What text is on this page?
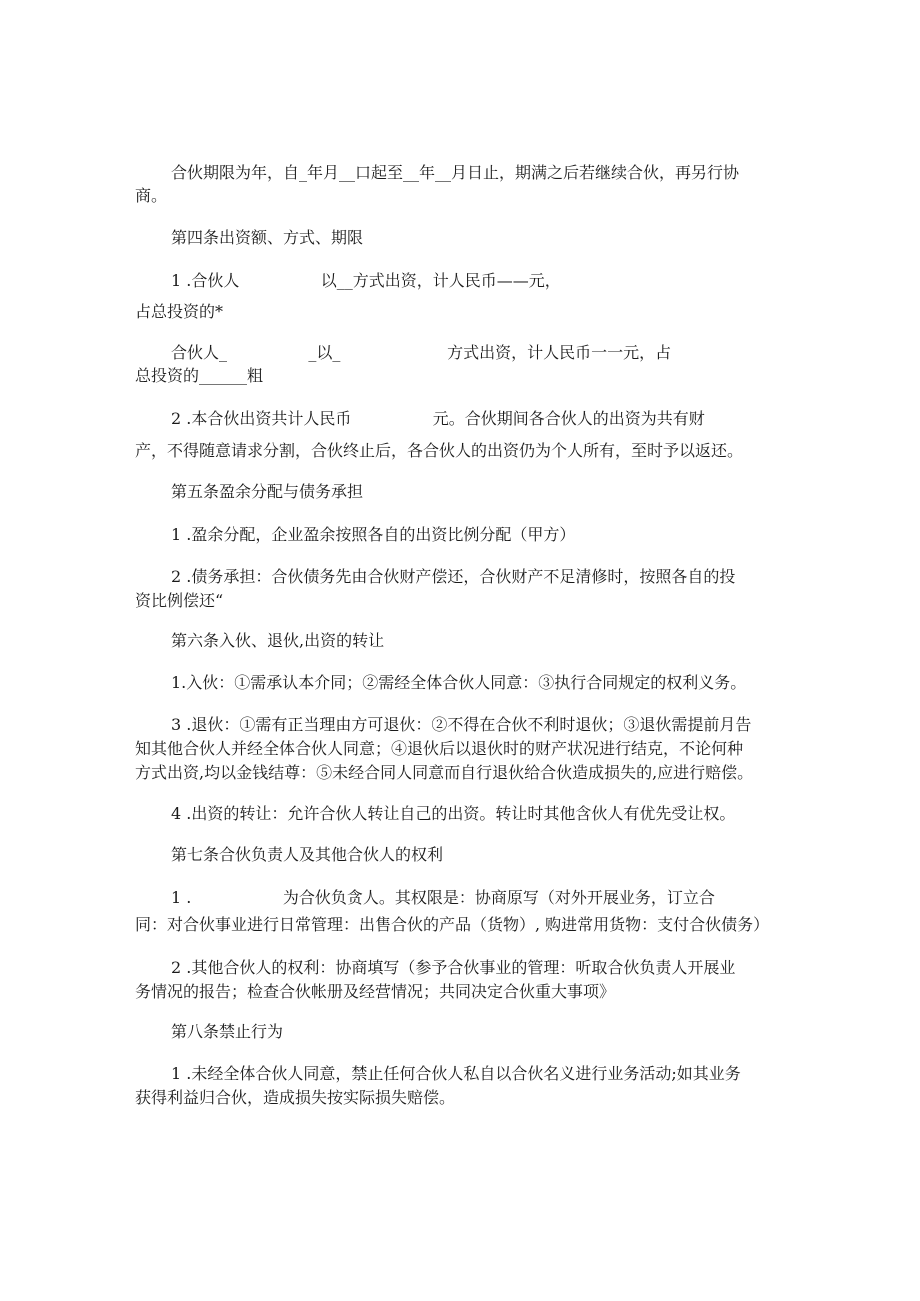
合伙期限为年，自_年月__口起至__年__月日止，期满之后若继续合伙，再另行协

商。

第四条出资额、方式、期限

1 .合伙人                以__方式出资，计人民币——元，

占总投资的*

合伙人_                _以_                     方式出资，计人民币一一元，占

总投资的______粗

2 .本合伙出资共计人民币                元。合伙期间各合伙人的出资为共有财

产，不得随意请求分割，合伙终止后，各合伙人的出资仍为个人所有，至时予以返还。

第五条盈余分配与债务承担

1 .盈余分配，企业盈余按照各自的出资比例分配（甲方）

2 .债务承担：合伙债务先由合伙财产偿还，合伙财产不足清修时，按照各自的投

资比例偿还“

第六条入伙、退伙,出资的转让

1.入伙：①需承认本介同；②需经全体合伙人同意：③执行合同规定的权利义务。

3 .退伙：①需有正当理由方可退伙：②不得在合伙不利时退伙；③退伙需提前月告

知其他合伙人并经全体合伙人同意；④退伙后以退伙时的财产状况进行结克，不论何种

方式出资,均以金钱结尊：⑤未经合同人同意而自行退伙给合伙造成损失的,应进行赔偿。

4 .出资的转让：允许合伙人转让自己的出资。转让时其他含伙人有优先受让权。

第七条合伙负责人及其他合伙人的权利

1 .                  为合伙负贪人。其权限是：协商原写（对外开展业务，订立合

同：对合伙事业进行日常管理：出售合伙的产品（货物）, 购进常用货物：支付合伙债务）

2 .其他合伙人的权利：协商填写（参予合伙事业的管理：听取合伙负责人开展业

务情况的报告；检查合伙帐册及经营情况；共同决定合伙重大事项》

第八条禁止行为

1 .未经全体合伙人同意，禁止任何合伙人私自以合伙名义进行业务活动;如其业务

获得利益归合伙，造成损失按实际损失赔偿。
